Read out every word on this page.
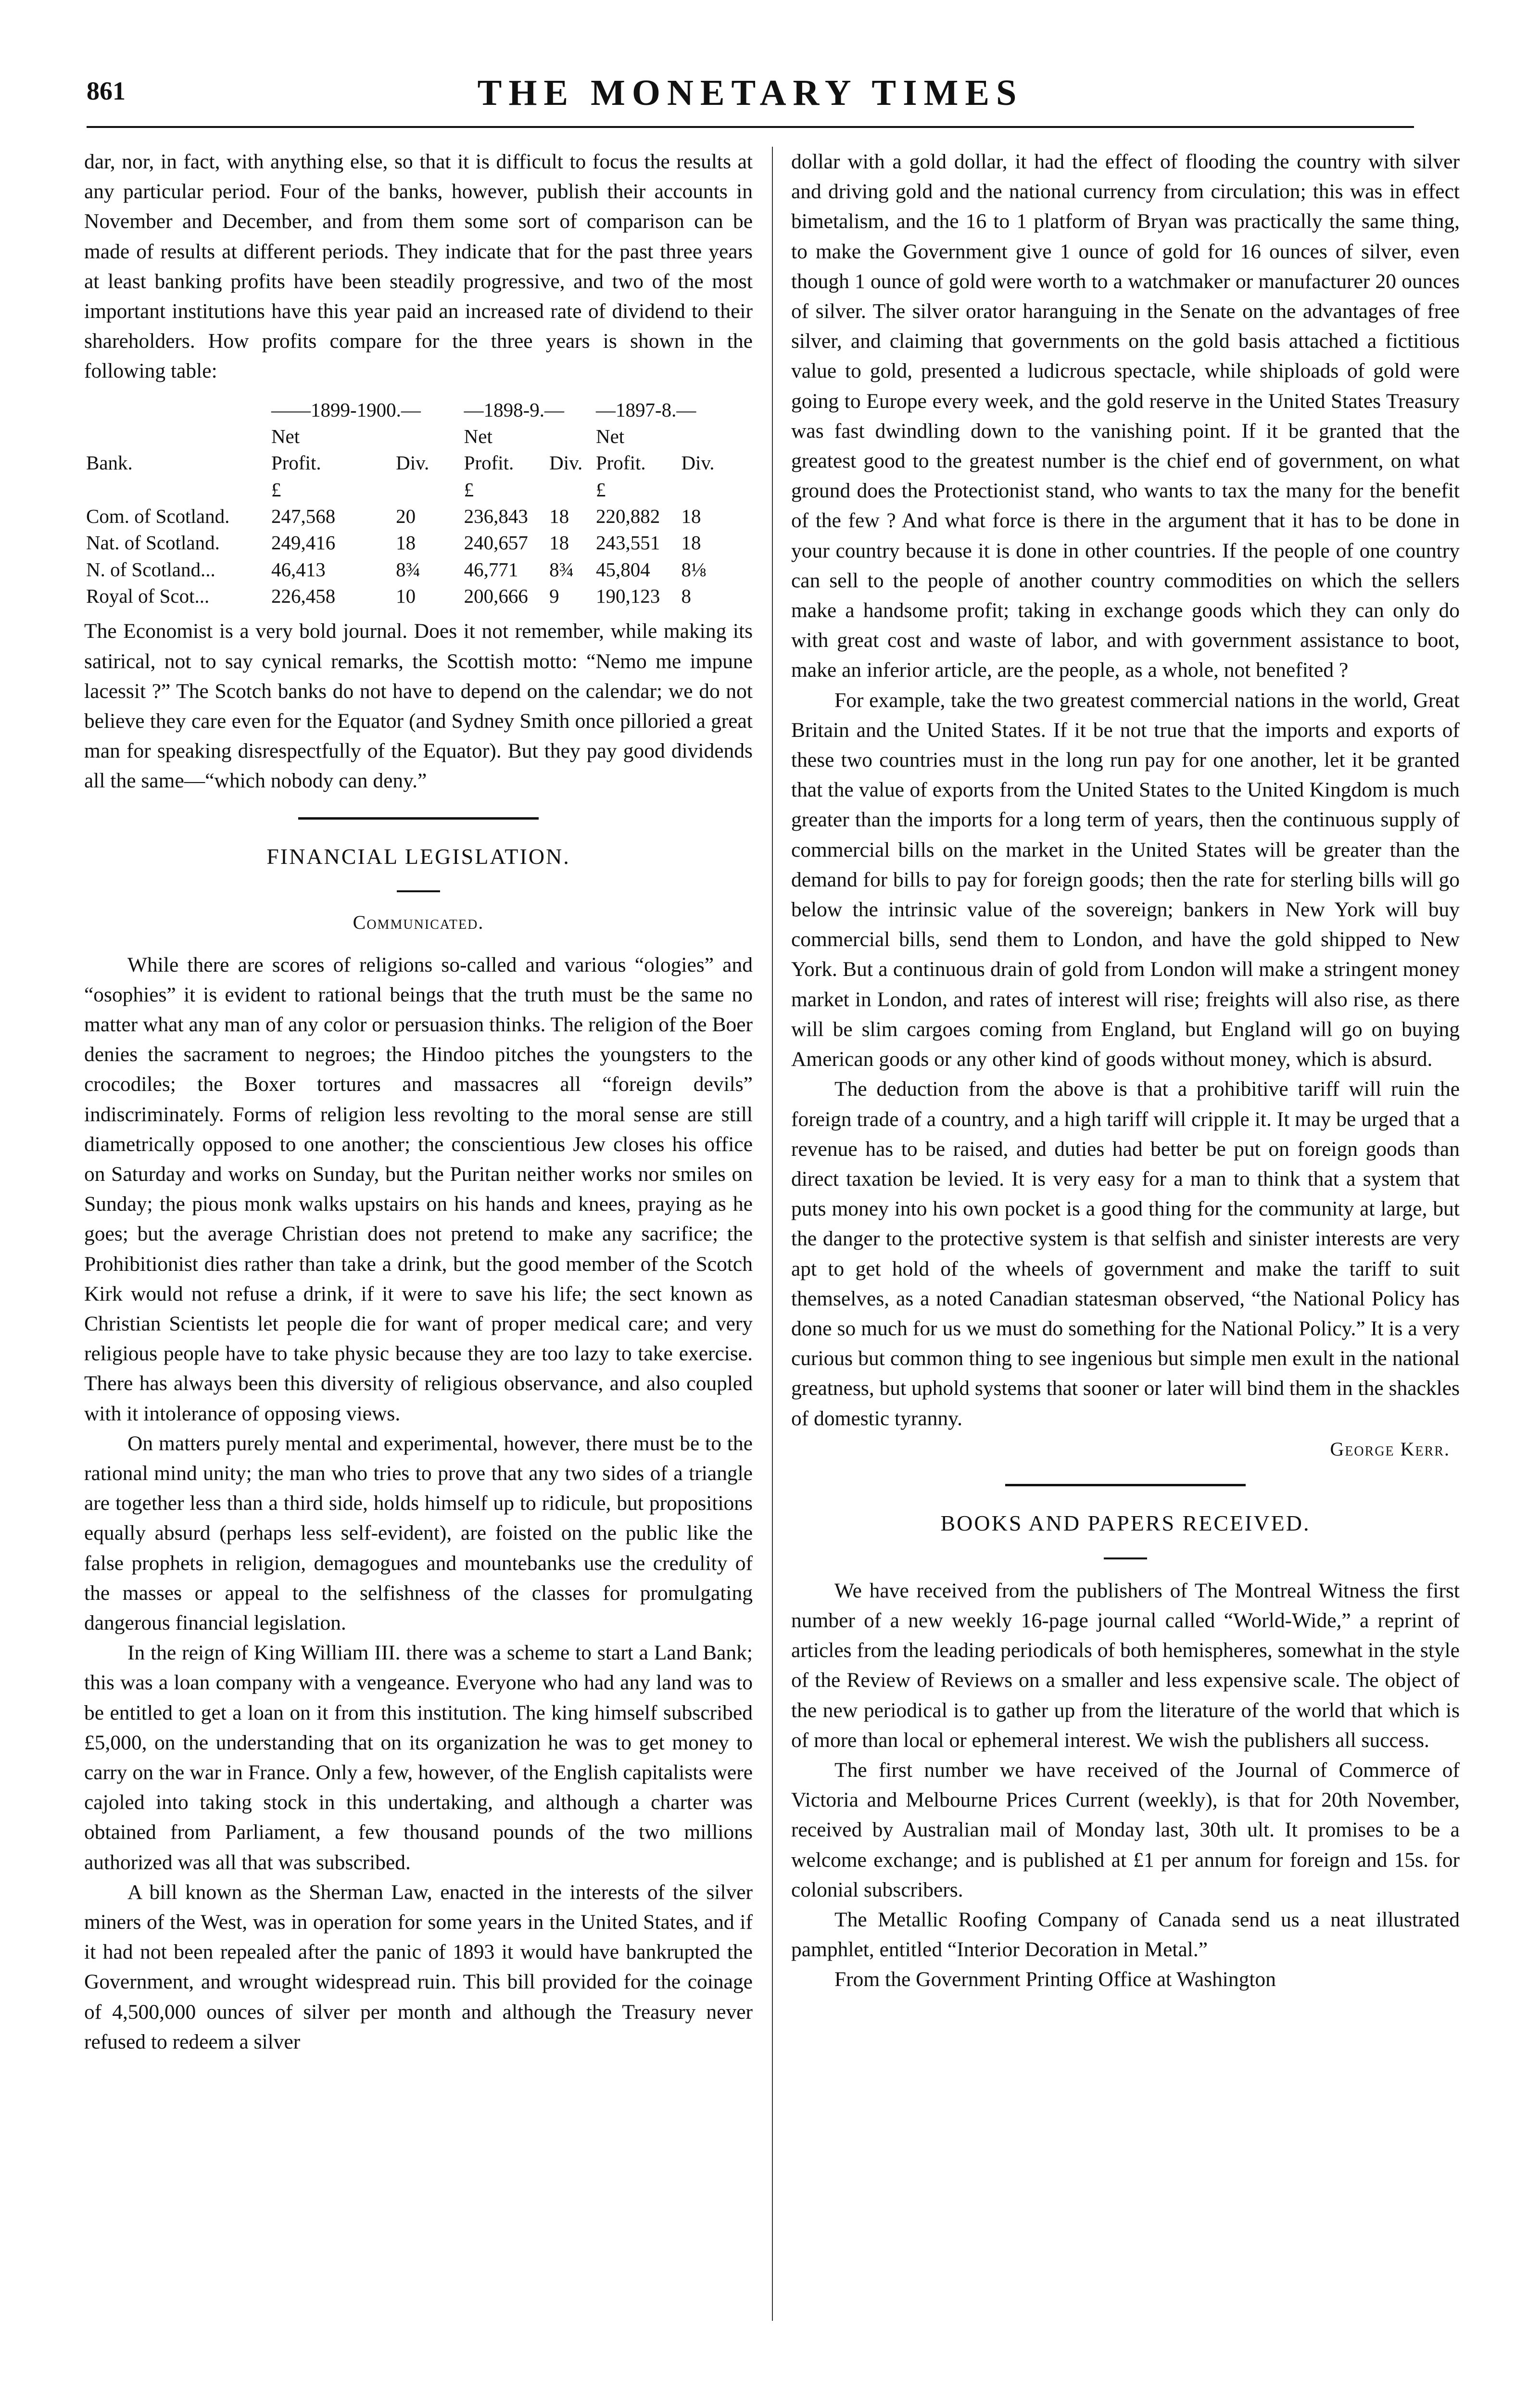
861	THE MONETARY TIMES

dar, nor, in fact, with anything else, so that it is difficult to focus the results at any particular period. Four of the banks, however, publish their accounts in November and December, and from them some sort of comparison can be made of results at different periods. They indicate that for the past three years at least banking profits have been steadily progressive, and two of the most important institutions have this year paid an increased rate of dividend to their shareholders. How profits compare for the three years is shown in the following table:

	——1899-1900.—		—1898-9.—		—1897-8.—	
	Net		Net		Net	
Bank.	Profit.	Div.	Profit.	Div.	Profit.	Div.
	£		£		£	
Com. of Scotland.	247,568	20	236,843	18	220,882	18
Nat. of Scotland.	249,416	18	240,657	18	243,551	18
N. of Scotland...	46,413	8¾	46,771	8¾	45,804	8⅛
Royal of Scot...	226,458	10	200,666	9	190,123	8

The Economist is a very bold journal. Does it not remember, while making its satirical, not to say cynical remarks, the Scottish motto: “Nemo me impune lacessit ?” The Scotch banks do not have to depend on the calendar; we do not believe they care even for the Equator (and Sydney Smith once pilloried a great man for speaking disrespectfully of the Equator). But they pay good dividends all the same—“which nobody can deny.”

FINANCIAL LEGISLATION.
Communicated.

While there are scores of religions so-called and various “ologies” and “osophies” it is evident to rational beings that the truth must be the same no matter what any man of any color or persuasion thinks. The religion of the Boer denies the sacrament to negroes; the Hindoo pitches the youngsters to the crocodiles; the Boxer tortures and massacres all “foreign devils” indiscriminately. Forms of religion less revolting to the moral sense are still diametrically opposed to one another; the conscientious Jew closes his office on Saturday and works on Sunday, but the Puritan neither works nor smiles on Sunday; the pious monk walks upstairs on his hands and knees, praying as he goes; but the average Christian does not pretend to make any sacrifice; the Prohibitionist dies rather than take a drink, but the good member of the Scotch Kirk would not refuse a drink, if it were to save his life; the sect known as Christian Scientists let people die for want of proper medical care; and very religious people have to take physic because they are too lazy to take exercise. There has always been this diversity of religious observance, and also coupled with it intolerance of opposing views.

On matters purely mental and experimental, however, there must be to the rational mind unity; the man who tries to prove that any two sides of a triangle are together less than a third side, holds himself up to ridicule, but propositions equally absurd (perhaps less self-evident), are foisted on the public like the false prophets in religion, demagogues and mountebanks use the credulity of the masses or appeal to the selfishness of the classes for promulgating dangerous financial legislation.

In the reign of King William III. there was a scheme to start a Land Bank; this was a loan company with a vengeance. Everyone who had any land was to be entitled to get a loan on it from this institution. The king himself subscribed £5,000, on the understanding that on its organization he was to get money to carry on the war in France. Only a few, however, of the English capitalists were cajoled into taking stock in this undertaking, and although a charter was obtained from Parliament, a few thousand pounds of the two millions authorized was all that was subscribed.

A bill known as the Sherman Law, enacted in the interests of the silver miners of the West, was in operation for some years in the United States, and if it had not been repealed after the panic of 1893 it would have bankrupted the Government, and wrought widespread ruin. This bill provided for the coinage of 4,500,000 ounces of silver per month and although the Treasury never refused to redeem a silver

dollar with a gold dollar, it had the effect of flooding the country with silver and driving gold and the national currency from circulation; this was in effect bimetalism, and the 16 to 1 platform of Bryan was practically the same thing, to make the Government give 1 ounce of gold for 16 ounces of silver, even though 1 ounce of gold were worth to a watchmaker or manufacturer 20 ounces of silver. The silver orator haranguing in the Senate on the advantages of free silver, and claiming that governments on the gold basis attached a fictitious value to gold, presented a ludicrous spectacle, while shiploads of gold were going to Europe every week, and the gold reserve in the United States Treasury was fast dwindling down to the vanishing point. If it be granted that the greatest good to the greatest number is the chief end of government, on what ground does the Protectionist stand, who wants to tax the many for the benefit of the few ? And what force is there in the argument that it has to be done in your country because it is done in other countries. If the people of one country can sell to the people of another country commodities on which the sellers make a handsome profit; taking in exchange goods which they can only do with great cost and waste of labor, and with government assistance to boot, make an inferior article, are the people, as a whole, not benefited ?

For example, take the two greatest commercial nations in the world, Great Britain and the United States. If it be not true that the imports and exports of these two countries must in the long run pay for one another, let it be granted that the value of exports from the United States to the United Kingdom is much greater than the imports for a long term of years, then the continuous supply of commercial bills on the market in the United States will be greater than the demand for bills to pay for foreign goods; then the rate for sterling bills will go below the intrinsic value of the sovereign; bankers in New York will buy commercial bills, send them to London, and have the gold shipped to New York. But a continuous drain of gold from London will make a stringent money market in London, and rates of interest will rise; freights will also rise, as there will be slim cargoes coming from England, but England will go on buying American goods or any other kind of goods without money, which is absurd.

The deduction from the above is that a prohibitive tariff will ruin the foreign trade of a country, and a high tariff will cripple it. It may be urged that a revenue has to be raised, and duties had better be put on foreign goods than direct taxation be levied. It is very easy for a man to think that a system that puts money into his own pocket is a good thing for the community at large, but the danger to the protective system is that selfish and sinister interests are very apt to get hold of the wheels of government and make the tariff to suit themselves, as a noted Canadian statesman observed, “the National Policy has done so much for us we must do something for the National Policy.” It is a very curious but common thing to see ingenious but simple men exult in the national greatness, but uphold systems that sooner or later will bind them in the shackles of domestic tyranny.

George Kerr.
BOOKS AND PAPERS RECEIVED.

We have received from the publishers of The Montreal Witness the first number of a new weekly 16-page journal called “World-Wide,” a reprint of articles from the leading periodicals of both hemispheres, somewhat in the style of the Review of Reviews on a smaller and less expensive scale. The object of the new periodical is to gather up from the literature of the world that which is of more than local or ephemeral interest. We wish the publishers all success.

The first number we have received of the Journal of Commerce of Victoria and Melbourne Prices Current (weekly), is that for 20th November, received by Australian mail of Monday last, 30th ult. It promises to be a welcome exchange; and is published at £1 per annum for foreign and 15s. for colonial subscribers.

The Metallic Roofing Company of Canada send us a neat illustrated pamphlet, entitled “Interior Decoration in Metal.”

From the Government Printing Office at Washington
